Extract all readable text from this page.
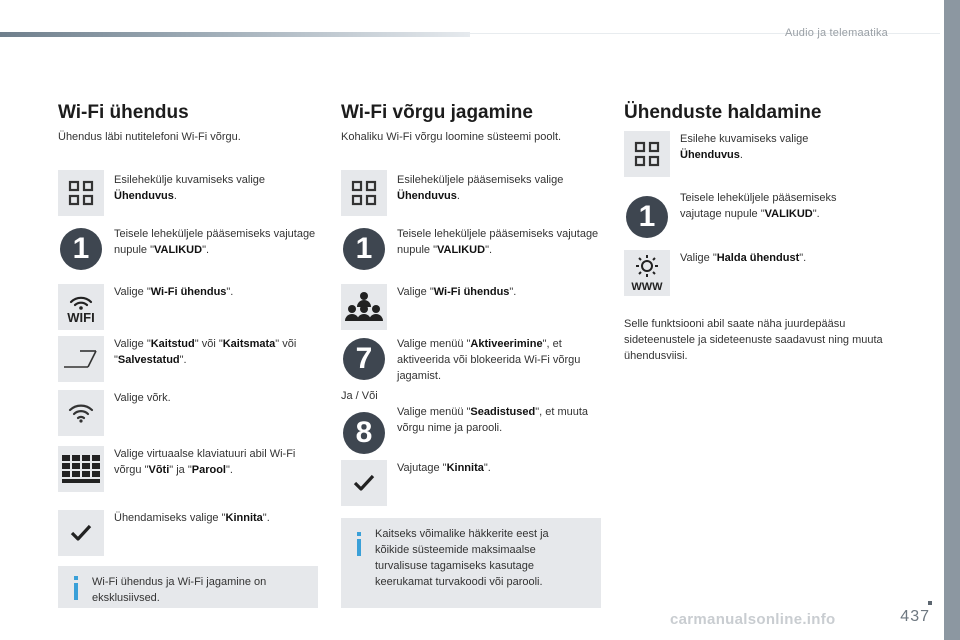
Audio ja telemaatika
Wi-Fi ühendus
Ühendus läbi nutitelefoni Wi-Fi võrgu.
Esilehekülje kuvamiseks valige Ühenduvus.
1	Teisele leheküljele pääsemiseks vajutage nupule "VALIKUD".
WIFI
Valige "Wi-Fi ühendus".
Valige "Kaitstud" või "Kaitsmata" või "Salvestatud".
Valige võrk.
Valige virtuaalse klaviatuuri abil Wi-Fi võrgu "Võti" ja "Parool".
Ühendamiseks valige "Kinnita".
Wi-Fi ühendus ja Wi-Fi jagamine on eksklusiivsed.
Wi-Fi võrgu jagamine
Kohaliku Wi-Fi võrgu loomine süsteemi poolt.
Esileheküljele pääsemiseks valige Ühenduvus.
1	Teisele leheküljele pääsemiseks vajutage nupule "VALIKUD".
Valige "Wi-Fi ühendus".
7	Valige menüü "Aktiveerimine", et aktiveerida või blokeerida Wi-Fi võrgu jagamist.
Ja / Või
8
Valige menüü "Seadistused", et muuta võrgu nime ja parooli.
Vajutage "Kinnita".
Kaitseks võimalike häkkerite eest ja kõikide süsteemide maksimaalse turvalisuse tagamiseks kasutage keerukamat turvakoodi või parooli.
Ühenduste haldamine
Esilehe kuvamiseks valige Ühenduvus.
1
Teisele leheküljele pääsemiseks vajutage nupule "VALIKUD".
WWW
Valige "Halda ühendust".
Selle funktsiooni abil saate näha juurdepääsu sideteenustele ja sideteenuste saadavust ning muuta ühendusviisi.
437
carmanualsonline.info
